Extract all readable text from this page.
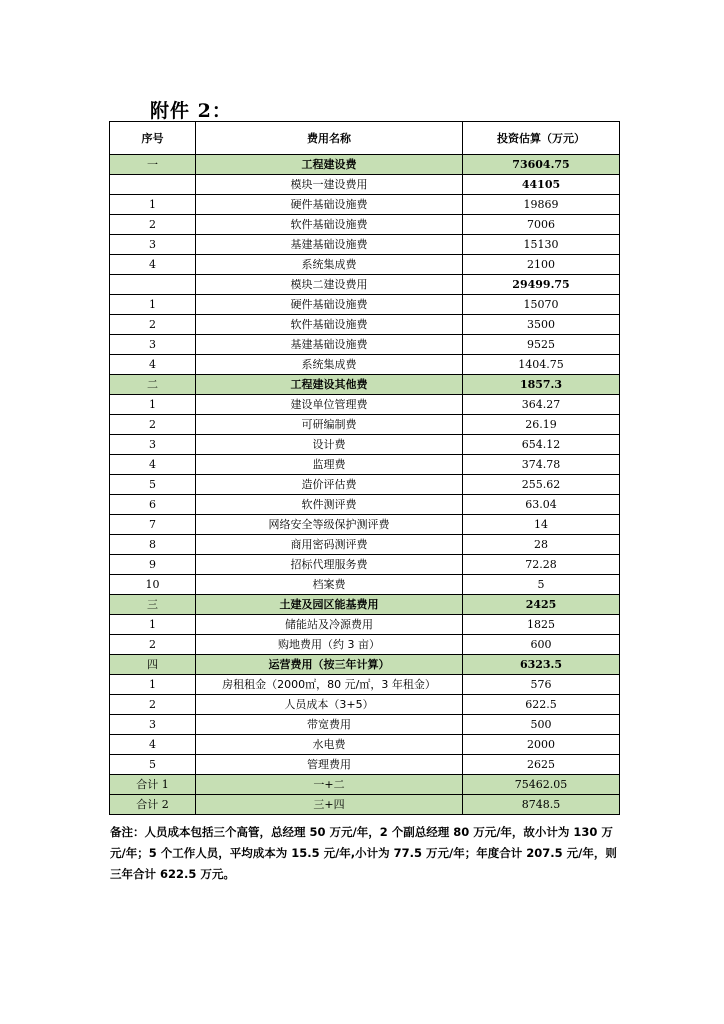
附件 2：
序号	费用名称	投资估算（万元）
一	工程建设费	73604.75
	模块一建设费用	44105
1	硬件基础设施费	19869
2	软件基础设施费	7006
3	基建基础设施费	15130
4	系统集成费	2100
	模块二建设费用	29499.75
1	硬件基础设施费	15070
2	软件基础设施费	3500
3	基建基础设施费	9525
4	系统集成费	1404.75
二	工程建设其他费	1857.3
1	建设单位管理费	364.27
2	可研编制费	26.19
3	设计费	654.12
4	监理费	374.78
5	造价评估费	255.62
6	软件测评费	63.04
7	网络安全等级保护测评费	14
8	商用密码测评费	28
9	招标代理服务费	72.28
10	档案费	5
三	土建及园区能基费用	2425
1	储能站及冷源费用	1825
2	购地费用（约 3 亩）	600
四	运营费用（按三年计算）	6323.5
1	房租租金（2000㎡，80 元/㎡，3 年租金）	576
2	人员成本（3+5）	622.5
3	带宽费用	500
4	水电费	2000
5	管理费用	2625
合计 1	一+二	75462.05
合计 2	三+四	8748.5
备注：人员成本包括三个高管，总经理 50 万元/年，2 个副总经理 80 万元/年，故小计为 130 万元/年；5 个工作人员，平均成本为 15.5 元/年,小计为 77.5 万元/年；年度合计 207.5 元/年，则三年合计 622.5 万元。
